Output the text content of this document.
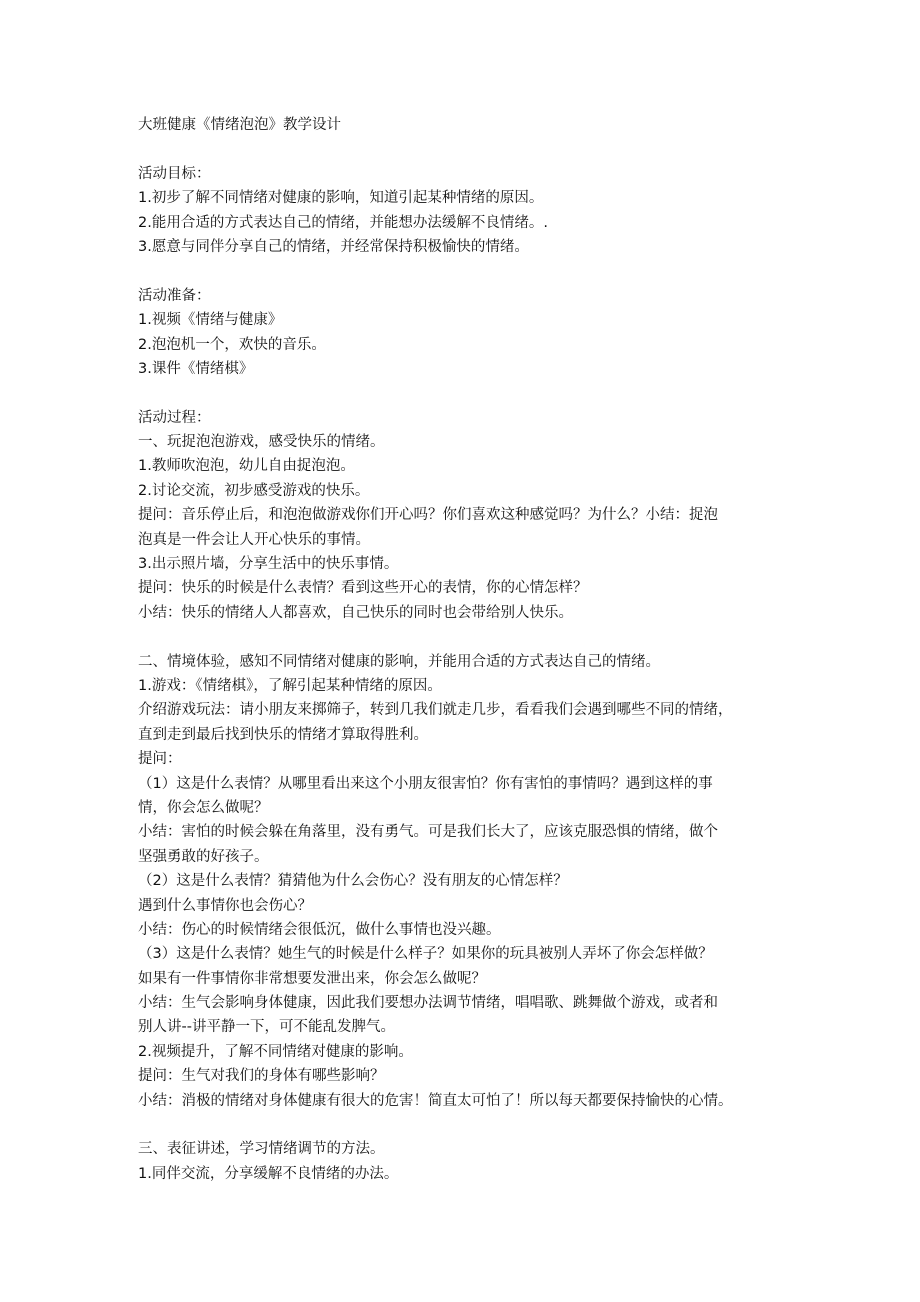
大班健康《情绪泡泡》教学设计
活动目标：
1.初步了解不同情绪对健康的影响，知道引起某种情绪的原因。
2.能用合适的方式表达自己的情绪，并能想办法缓解不良情绪。.
3.愿意与同伴分享自己的情绪，并经常保持积极愉快的情绪。
活动准备：
1.视频《情绪与健康》
2.泡泡机一个，欢快的音乐。
3.课件《情绪棋》
活动过程：
一、玩捉泡泡游戏，感受快乐的情绪。
1.教师吹泡泡，幼儿自由捉泡泡。
2.讨论交流，初步感受游戏的快乐。
提问：音乐停止后，和泡泡做游戏你们开心吗？你们喜欢这种感觉吗？为什么？小结：捉泡
泡真是一件会让人开心快乐的事情。
3.出示照片墙，分享生活中的快乐事情。
提问：快乐的时候是什么表情？看到这些开心的表情，你的心情怎样？
小结：快乐的情绪人人都喜欢，自己快乐的同时也会带给别人快乐。
二、情境体验，感知不同情绪对健康的影响，并能用合适的方式表达自己的情绪。
1.游戏：《情绪棋》，了解引起某种情绪的原因。
介绍游戏玩法：请小朋友来掷筛子，转到几我们就走几步，看看我们会遇到哪些不同的情绪，
直到走到最后找到快乐的情绪才算取得胜利。
提问：
（1）这是什么表情？从哪里看出来这个小朋友很害怕？你有害怕的事情吗？遇到这样的事
情，你会怎么做呢？
小结：害怕的时候会躲在角落里，没有勇气。可是我们长大了，应该克服恐惧的情绪，做个
坚强勇敢的好孩子。
（2）这是什么表情？猜猜他为什么会伤心？没有朋友的心情怎样？
遇到什么事情你也会伤心？
小结：伤心的时候情绪会很低沉，做什么事情也没兴趣。
（3）这是什么表情？她生气的时候是什么样子？如果你的玩具被别人弄坏了你会怎样做？
如果有一件事情你非常想要发泄出来，你会怎么做呢？
小结：生气会影响身体健康，因此我们要想办法调节情绪，唱唱歌、跳舞做个游戏，或者和
别人讲--讲平静一下，可不能乱发脾气。
2.视频提升，了解不同情绪对健康的影响。
提问：生气对我们的身体有哪些影响？
小结：消极的情绪对身体健康有很大的危害！简直太可怕了！所以每天都要保持愉快的心情。
三、表征讲述，学习情绪调节的方法。
1.同伴交流，分享缓解不良情绪的办法。
